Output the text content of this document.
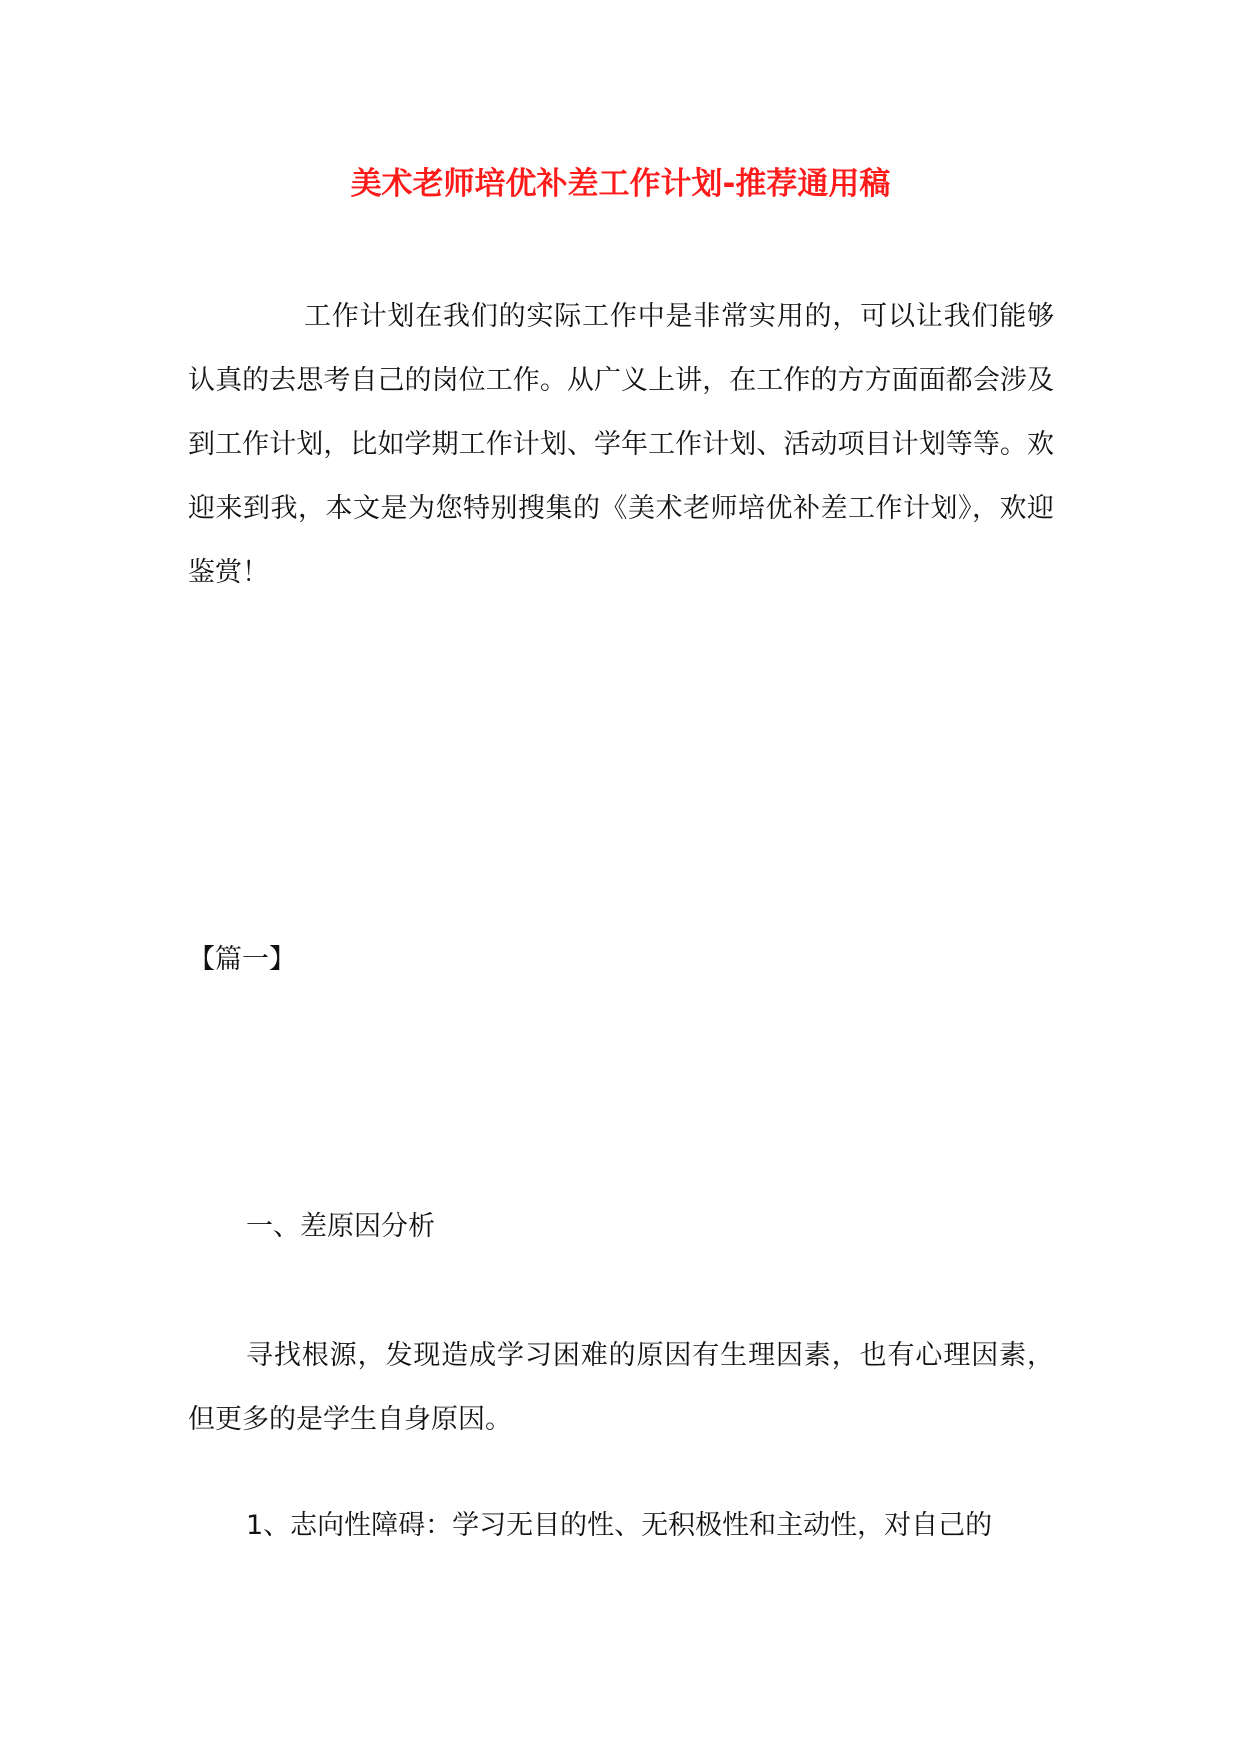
美术老师培优补差工作计划-推荐通用稿
工作计划在我们的实际工作中是非常实用的，可以让我们能够认真的去思考自己的岗位工作。从广义上讲，在工作的方方面面都会涉及到工作计划，比如学期工作计划、学年工作计划、活动项目计划等等。欢迎来到我，本文是为您特别搜集的《美术老师培优补差工作计划》，欢迎鉴赏！
【篇一】
一、差原因分析
寻找根源，发现造成学习困难的原因有生理因素，也有心理因素，但更多的是学生自身原因。
1、志向性障碍：学习无目的性、无积极性和主动性，对自己的
